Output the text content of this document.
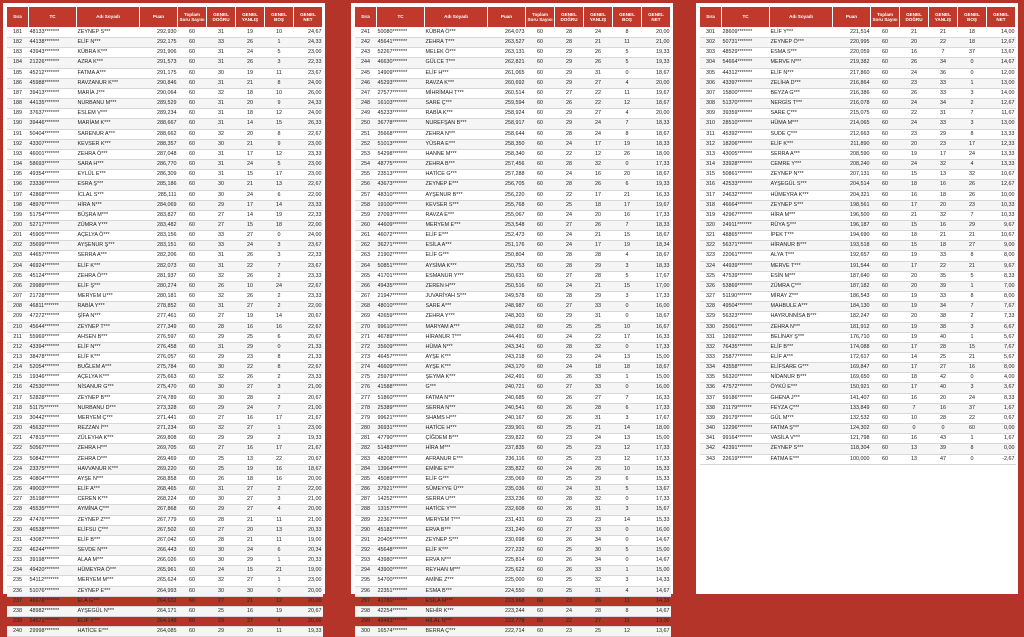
Sıra	TC	Adı Soyadı	Puan	Toplam Soru Sayısı	GENEL DOĞRU	GENEL YANLIŞ	GENEL BOŞ	GENEL NET
181	48133*******	ZEYNEP S***	292,930	60	31	19	10	24,67
182	44138*******	ELİF N***	292,175	60	33	26	1	24,33
183	43943*******	KÜBRA K***	291,906	60	31	24	5	23,00
184	21226*******	AZRA K***	291,573	60	31	26	3	22,33
185	45212*******	FATMA A***	291,175	60	30	19	11	23,67
186	45988*******	RAVZANUR K***	290,846	60	31	21	8	24,00
187	39413*******	MARİA J***	290,064	60	32	18	10	26,00
188	44135*******	NURBANU M***	289,529	60	31	20	9	24,33
189	37637*******	ESLEM V***	289,234	60	31	18	12	24,00
190	39446*******	MARİAM K***	288,667	60	31	14	15	26,33
191	50404*******	SARENUR A***	288,662	60	32	20	8	22,67
192	43307*******	KEVSER K***	288,357	60	30	21	9	23,00
193	46001*******	ZEHRA Ö***	287,048	60	31	17	12	23,33
194	58693*******	SARA H***	286,770	60	31	24	5	23,00
195	49354*******	EYLÜL E***	286,309	60	31	15	17	23,00
196	23336*******	ESRA Ş***	285,186	60	30	21	13	22,67
197	42868*******	İCLAL S***	285,111	60	30	24	6	22,00
198	48976*******	HİRA N***	284,069	60	29	17	14	23,33
199	51754*******	BÜŞRA M***	283,827	60	27	14	19	22,33
200	52717*******	ZÜMRA Y***	283,482	60	27	15	18	22,00
201	45905*******	AÇELYA Ö***	283,156	60	33	27	0	24,00
202	35699*******	AYŞENUR Ş***	283,151	60	33	24	3	23,67
203	44657*******	SERRA A***	282,206	60	31	26	3	22,33
204	46924*******	ELİF K***	282,073	60	31	22	7	23,67
205	45124*******	ZEHRA Ö***	281,937	60	32	26	2	23,33
206	29989*******	ELİF Ş***	280,274	60	26	10	24	22,67
207	21728*******	MERYEM U***	280,181	60	32	26	2	23,33
208	46811*******	RABİA Y***	278,852	60	31	27	2	22,00
209	47272*******	ŞİFA N***	277,461	60	27	19	14	20,67
210	45644*******	ZEYNEP T***	277,349	60	28	16	16	22,67
211	55969*******	AHSEN B***	276,597	60	29	25	6	20,67
212	43394*******	ELİF N***	276,458	60	31	29	0	21,33
213	38478*******	ELİF K***	276,057	60	29	23	8	21,33
214	52054*******	BUĞLEM A***	275,784	60	30	22	8	22,67
215	19346*******	AÇELYA K***	275,663	60	32	26	2	23,33
216	42530*******	NİSANUR G***	275,470	60	30	27	3	21,00
217	52828*******	ZEYNEP B***	274,789	60	30	28	2	20,67
218	51175*******	NURBANU D***	273,328	60	29	24	7	21,00
219	30442*******	MERYEM Ç***	271,441	60	27	16	17	21,67
220	45632*******	REZZAN İ***	271,234	60	32	27	1	23,00
221	47815*******	ZÜLEYHA K***	269,808	60	29	29	2	19,33
222	50567*******	ZEHRA H***	269,705	60	27	16	17	21,67
223	50842*******	ZEHRA D***	269,469	60	25	13	22	20,67
224	23375*******	HAVVANUR K***	269,220	60	25	19	16	18,67
225	40804*******	AYŞE N***	268,858	60	26	18	16	20,00
226	49003*******	ELİF A***	268,465	60	31	27	2	22,00
227	35198*******	CEREN K***	268,224	60	30	27	3	21,00
228	45535*******	AYMİNA Ç***	267,868	60	29	27	4	20,00
229	47476*******	ZEYNEP Z***	267,779	60	28	21	11	21,00
230	46538*******	ELİFSU Ç***	267,502	60	27	20	13	20,33
231	43087*******	ELİF B***	267,042	60	28	21	11	19,00
232	46244*******	SEVDE N***	266,443	60	30	24	6	20,34
233	39198*******	ALAA M***	266,026	60	30	29	1	20,33
234	49420*******	HÜMEYRA Ö***	265,961	60	24	15	21	19,00
235	54112*******	MERYEM M***	265,624	60	32	27	1	23,00
236	51076*******	ZEYNEP E***	264,993	60	30	30	0	20,00
237	46978*******	ELA G***	264,632	60	27	21	12	20,00
238	48982*******	AYŞEGÜL N***	264,171	60	25	16	19	20,67
239	54571*******	ELİF Y***	264,148	60	29	27	4	20,00
240	29998*******	HATİCE E***	264,085	60	29	20	11	19,33
Sıra	TC	Adı Soyadı	Puan	Toplam Soru Sayısı	GENEL DOĞRU	GENEL YANLIŞ	GENEL BOŞ	GENEL NET
241	50080*******	KÜBRA Ö***	264,073	60	28	24	8	20,00
242	45641*******	ZEHRA T***	263,527	60	28	21	11	21,00
243	52267*******	MELEK Ö***	263,131	60	29	26	5	19,33
244	46630*******	GÜLCE T***	262,821	60	29	26	5	19,33
245	14909*******	ELİF H***	261,065	60	29	31	0	18,67
246	45293*******	RAVZA K***	260,692	60	29	27	4	20,00
247	27577*******	MİHRİMAH T***	260,514	60	27	22	11	19,67
248	16103*******	SARE Ç***	259,594	60	26	22	12	18,67
249	45233*******	RABİA K***	258,924	60	29	27	4	20,00
250	36778*******	NUREFŞAN B***	258,917	60	29	24	7	18,33
251	35668*******	ZEHRA N***	258,644	60	28	24	8	18,67
252	51013*******	YÜSRA E***	258,350	60	24	17	19	18,33
253	54298*******	HANNE M***	258,340	60	22	12	26	18,00
254	48775*******	ZEHRA B***	257,456	60	28	32	0	17,33
255	23513*******	HATİCE G***	257,288	60	24	16	20	18,67
256	43673*******	ZEYNEP E***	256,705	60	28	26	6	19,33
257	48310*******	AYŞENUR B***	256,220	60	22	17	21	16,33
258	19100*******	KEVSER S***	255,768	60	25	18	17	19,67
259	27093*******	RAVZA E***	255,067	60	24	20	16	17,33
260	44609*******	MERYEM E***	253,548	60	27	26	7	18,33
261	46072*******	ELİF E***	252,473	60	24	21	15	18,67
262	36271*******	ESİLA A***	251,176	60	24	17	19	18,34
263	21902*******	ELİF G***	250,804	60	28	28	4	18,67
264	50851*******	AYSİMA K***	250,753	60	28	29	3	18,33
265	41701*******	ESMANUR Y***	250,631	60	27	28	5	17,67
266	49435*******	ZEREN H***	250,516	60	24	21	15	17,00
267	21947*******	JUVARİYAH S***	249,578	60	28	29	3	17,33
268	48010*******	SARE A***	248,987	60	27	33	0	16,00
269	42659*******	ZEHRA Y***	248,303	60	29	31	0	18,67
270	99610*******	MARYAM A***	248,012	60	25	25	10	16,67
271	46789*******	HİRANUR T***	244,491	60	24	22	17	16,33
272	35609*******	HÜMA N***	243,341	60	28	32	0	17,33
273	46457*******	AYŞE K***	243,218	60	23	24	13	15,00
274	46609*******	AYŞE K***	243,170	60	24	18	18	18,67
275	25979*******	ŞEYMA K***	242,491	60	26	33	1	15,00
276	41588*******	G***	240,721	60	27	33	0	16,00
277	51860*******	FATMA N***	240,685	60	26	27	7	16,33
278	25389*******	SERRA N***	240,541	60	26	28	6	17,33
279	99621*******	SHAMS H***	240,167	60	26	31	3	17,67
280	36931*******	HATİCE H***	239,901	60	25	21	14	18,00
281	47790*******	ÇİĞDEM B***	239,822	60	23	24	13	15,00
282	51483*******	HİRA M***	237,835	60	25	23	12	17,33
283	48208*******	AFRANUR E***	236,116	60	25	23	12	17,33
284	13964*******	EMİNE E***	235,822	60	24	26	10	15,33
285	45089*******	ELİF G***	235,069	60	25	29	6	15,33
286	37921*******	SÜMEYYE Ü***	235,036	60	24	31	5	13,67
287	14252*******	SERRA U***	233,236	60	28	32	0	17,33
288	13157*******	HATİCE Y***	232,608	60	26	31	3	15,67
289	22367*******	MERYEM T***	231,431	60	23	23	14	15,33
290	45182*******	ERVA B***	231,240	60	27	33	0	16,00
291	20405*******	ZEYNEP S***	230,698	60	26	34	0	14,67
292	45648*******	ELİF K***	227,232	60	25	30	5	15,00
293	43980*******	ERVA N***	225,814	60	26	34	0	14,67
294	43900*******	REYHAN M***	225,622	60	26	33	1	15,00
295	54700*******	AMİNE Z***	225,000	60	25	32	3	14,33
296	22351*******	ESMA B***	224,550	60	25	31	4	14,67
297	41780*******	ESİLA M***	223,968	60	23	26	11	14,33
298	42254*******	NEHİR K***	223,244	60	24	28	8	14,67
299	49483*******	HİLAL N***	222,778	60	22	27	11	13,00
300	16574*******	BERRA Ç***	222,714	60	23	25	12	13,67
Sıra	TC	Adı Soyadı	Puan	Toplam Soru Sayısı	GENEL DOĞRU	GENEL YANLIŞ	GENEL BOŞ	GENEL NET
301	28609*******	ELİF Y***	221,514	60	21	21	18	14,00
302	50731*******	ZEYNEP Ö***	220,995	60	20	22	18	12,67
303	48529*******	ESMA S***	220,059	60	16	7	37	13,67
304	54664*******	MERVE N***	219,382	60	26	34	0	14,67
305	44312*******	ELİF N***	217,860	60	24	36	0	12,00
306	43397*******	ZELİHA D***	216,864	60	23	33	1	13,00
307	15800*******	BEYZA G***	216,386	60	26	33	3	14,00
308	51370*******	NERGİS T***	216,078	60	24	34	2	12,67
309	39359*******	SARE Ç***	215,075	60	22	31	7	11,67
310	28510*******	HÜMA M***	214,065	60	24	33	3	13,00
311	45392*******	SUDE Ç***	212,663	60	23	29	8	13,33
312	18206*******	ELİF K***	211,890	60	20	23	17	12,33
313	43005*******	SERRA A***	208,590	60	19	17	24	13,33
314	33928*******	CEMRE Y***	208,240	60	24	32	4	13,33
315	50861*******	ZEYNEP N***	207,131	60	15	13	32	10,67
316	42533*******	AYŞEGÜL S***	204,514	60	18	16	26	12,67
317	24632*******	HÜMEYRA K***	204,321	60	16	18	26	10,00
318	46664*******	ZEYNEP S***	198,561	60	17	20	23	10,33
319	42967*******	HİRA M***	196,500	60	21	32	7	10,33
320	24911*******	RÜYA Ş***	196,187	60	15	16	29	9,67
321	48865*******	İPEK T***	194,690	60	18	21	21	10,67
322	56371*******	HİRANUR B***	193,518	60	15	18	27	9,00
323	22061*******	ALYA T***	192,657	60	19	33	8	8,00
324	44939*******	MERVE T***	191,544	60	17	22	21	9,67
325	47539*******	ESİN M***	187,640	60	20	35	5	8,33
326	53869*******	ZÜMRA Ç***	187,182	60	20	39	1	7,00
327	51190*******	MİRAY Z***	186,543	60	19	33	8	8,00
328	49504*******	MAHBULE A***	184,130	60	19	34	7	7,67
329	56323*******	HAYRUNNİSA B***	182,247	60	20	38	2	7,33
330	25061*******	ZEHRA N***	181,912	60	19	38	3	6,67
331	12692*******	BELİNAY Ş***	176,710	60	19	40	1	5,67
332	76435*******	ELİF B***	174,088	60	17	28	15	7,67
333	25877*******	ELİF A***	172,617	60	14	25	21	5,67
334	43558*******	ELİFSARE G***	169,847	60	17	27	16	8,00
335	56320*******	NİDANUR B***	169,650	60	18	42	0	4,00
336	47572*******	ÖYKÜ E***	150,921	60	17	40	3	3,67
337	59186*******	GHENA J***	141,407	60	16	20	24	8,33
338	21179*******	FEYZA Ç***	133,849	60	7	16	37	1,67
339	29179*******	GÜL M***	132,532	60	10	28	22	0,67
340	12296*******	FATMA Ş***	124,302	60	0	0	60	0,00
341	99164*******	VASİLA V***	121,798	60	16	43	1	1,67
342	42391*******	ZEYNEP S***	118,304	60	13	39	8	0,00
343	22619*******	FATMA E***	100,000	60	13	47	0	-2,67
